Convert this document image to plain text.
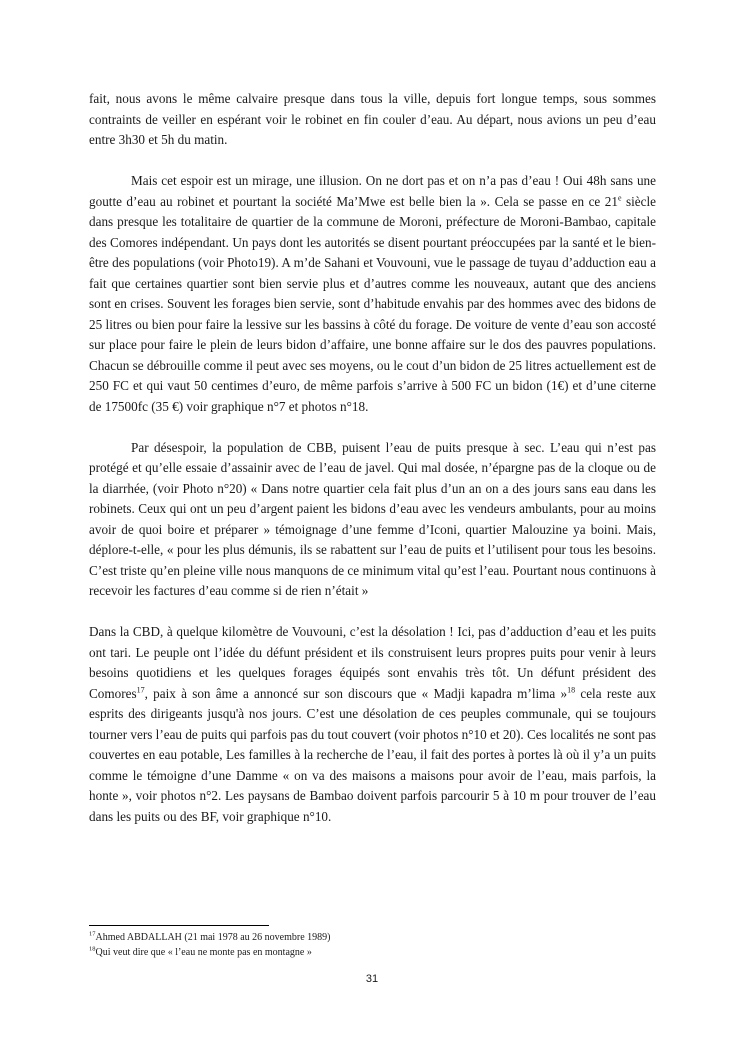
fait, nous avons le même calvaire presque dans tous la ville, depuis fort longue temps, sous sommes contraints de veiller en espérant voir le robinet en fin couler d’eau. Au départ, nous avions un peu d’eau entre 3h30 et 5h du matin.

Mais cet espoir est un mirage, une illusion. On ne dort pas et on n’a pas d’eau ! Oui 48h sans une goutte d’eau au robinet et pourtant la société Ma’Mwe est belle bien la ». Cela se passe en ce 21e siècle dans presque les totalitaire de quartier de la commune de Moroni, préfecture de Moroni-Bambao, capitale des Comores indépendant. Un pays dont les autorités se disent pourtant préoccupées par la santé et le bien-être des populations (voir Photo19). A m’de Sahani et Vouvouni, vue le passage de tuyau d’adduction eau a fait que certaines quartier sont bien servie plus et d’autres comme les nouveaux, autant que des anciens sont en crises. Souvent les forages bien servie, sont d’habitude envahis par des hommes avec des bidons de 25 litres ou bien pour faire la lessive sur les bassins à côté du forage. De voiture de vente d’eau son accosté sur place pour faire le plein de leurs bidon d’affaire, une bonne affaire sur le dos des pauvres populations. Chacun se débrouille comme il peut avec ses moyens, ou le cout d’un bidon de 25 litres actuellement est de 250 FC et qui vaut 50 centimes d’euro, de même parfois s’arrive à 500 FC un bidon (1€) et d’une citerne de 17500fc (35 €) voir graphique n°7 et photos n°18.

Par désespoir, la population de CBB, puisent l’eau de puits presque à sec. L’eau qui n’est pas protégé et qu’elle essaie d’assainir avec de l’eau de javel. Qui mal dosée, n’épargne pas de la cloque ou de la diarrhée, (voir Photo n°20) « Dans notre quartier cela fait plus d’un an on a des jours sans eau dans les robinets. Ceux qui ont un peu d’argent paient les bidons d’eau avec les vendeurs ambulants, pour au moins avoir de quoi boire et préparer » témoignage d’une femme d’Iconi, quartier Malouzine ya boini. Mais, déplore-t-elle, « pour les plus démunis, ils se rabattent sur l’eau de puits et l’utilisent pour tous les besoins. C’est triste qu’en pleine ville nous manquons de ce minimum vital qu’est l’eau. Pourtant nous continuons à recevoir les factures d’eau comme si de rien n’était »

Dans la CBD, à quelque kilomètre de Vouvouni, c’est la désolation ! Ici, pas d’adduction d’eau et les puits ont tari. Le peuple ont l’idée du défunt président et ils construisent leurs propres puits pour venir à leurs besoins quotidiens et les quelques forages équipés sont envahis très tôt. Un défunt président des Comores$^{17}$, paix à son âme a annoncé sur son discours que « Madji kapadra m’lima »$^{18}$ cela reste aux esprits des dirigeants jusqu'à nos jours. C’est une désolation de ces peuples communale, qui se toujours tourner vers l’eau de puits qui parfois pas du tout couvert (voir photos n°10 et 20). Ces localités ne sont pas couvertes en eau potable, Les familles à la recherche de l’eau, il fait des portes à portes là où il y’a un puits comme le témoigne d’une Damme « on va des maisons a maisons pour avoir de l’eau, mais parfois, la honte », voir photos n°2. Les paysans de Bambao doivent parfois parcourir 5 à 10 m pour trouver de l’eau dans les puits ou des BF, voir graphique n°10.

$^{17}$Ahmed ABDALLAH (21 mai 1978 au 26 novembre 1989)
$^{18}$Qui veut dire que « l’eau ne monte pas en montagne »
31
